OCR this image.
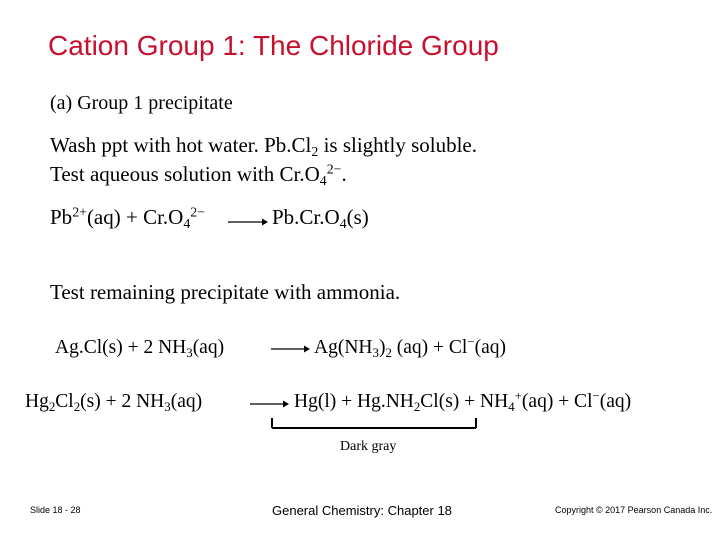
Cation Group 1: The Chloride Group
(a) Group 1 precipitate
Wash ppt with hot water. $Pb.Cl_2$ is slightly soluble.
Test aqueous solution with $Cr.O_4^{2-}$.
$Pb^{2+}(aq) + Cr.O_4^{2-}$	$Pb.Cr.O_4(s)$
Test remaining precipitate with ammonia.
Ag.Cl(s) + 2 $NH_3(aq)$	$Ag(NH_3)_2$ (aq) + Cl−(aq)
$Hg_2Cl_2(s) + 2$ $NH_3(aq)$	$Hg(l) + Hg.NH_2Cl(s) + NH_4^+(aq) + Cl^-(aq)$
Dark gray
Slide 18 - 28	General Chemistry: Chapter 18	Copyright © 2017 Pearson Canada Inc.
